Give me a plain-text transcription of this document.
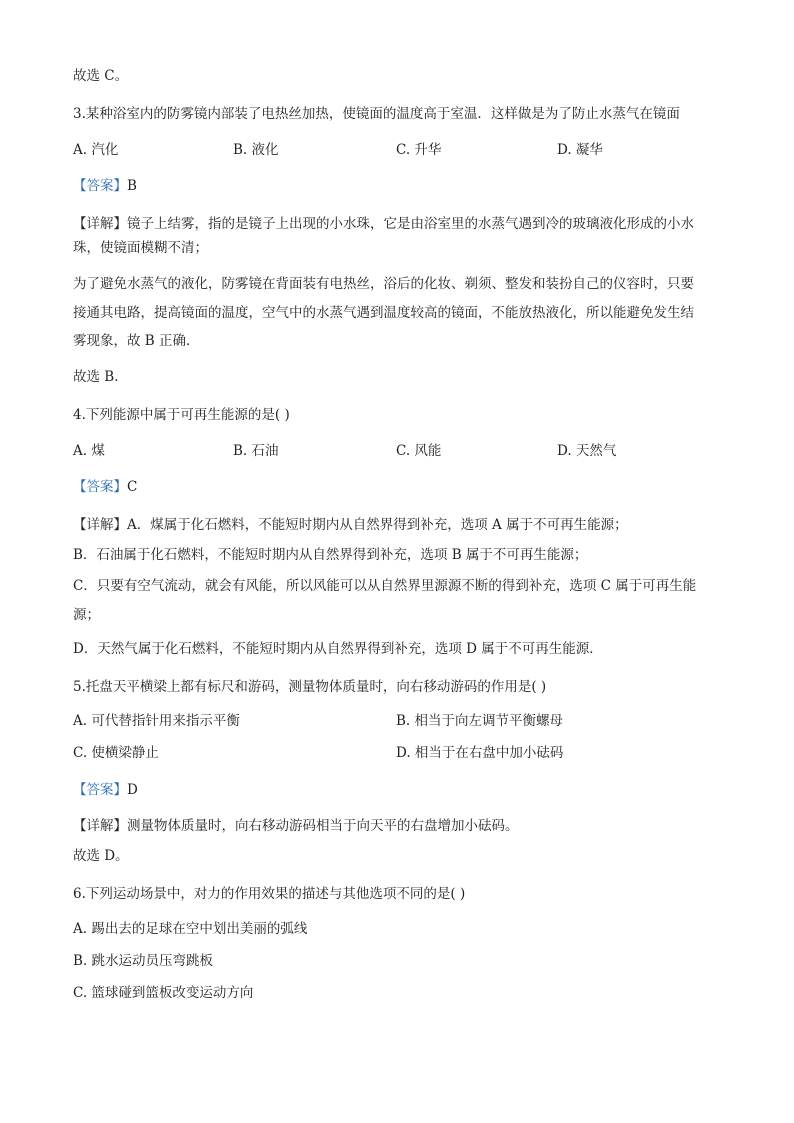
故选 C。
3.某种浴室内的防雾镜内部装了电热丝加热，使镜面的温度高于室温．这样做是为了防止水蒸气在镜面
A. 汽化	B. 液化	C. 升华	D. 凝华
【答案】B
【详解】镜子上结雾，指的是镜子上出现的小水珠，它是由浴室里的水蒸气遇到冷的玻璃液化形成的小水
珠，使镜面模糊不清；
为了避免水蒸气的液化，防雾镜在背面装有电热丝，浴后的化妆、剃须、整发和装扮自己的仪容时，只要
接通其电路，提高镜面的温度，空气中的水蒸气遇到温度较高的镜面，不能放热液化，所以能避免发生结
雾现象，故 B 正确．
故选 B.
4.下列能源中属于可再生能源的是( )
A. 煤	B. 石油	C. 风能	D. 天然气
【答案】C
【详解】A．煤属于化石燃料，不能短时期内从自然界得到补充，选项 A 属于不可再生能源；
B．石油属于化石燃料，不能短时期内从自然界得到补充，选项 B 属于不可再生能源；
C．只要有空气流动，就会有风能，所以风能可以从自然界里源源不断的得到补充，选项 C 属于可再生能
源；
D．天然气属于化石燃料，不能短时期内从自然界得到补充，选项 D 属于不可再生能源．
5.托盘天平横梁上都有标尺和游码，测量物体质量时，向右移动游码的作用是( )
A. 可代替指针用来指示平衡	B. 相当于向左调节平衡螺母
C. 使横梁静止	D. 相当于在右盘中加小砝码
【答案】D
【详解】测量物体质量时，向右移动游码相当于向天平的右盘增加小砝码。
故选 D。
6.下列运动场景中，对力的作用效果的描述与其他选项不同的是( )
A. 踢出去的足球在空中划出美丽的弧线
B. 跳水运动员压弯跳板
C. 篮球碰到篮板改变运动方向
